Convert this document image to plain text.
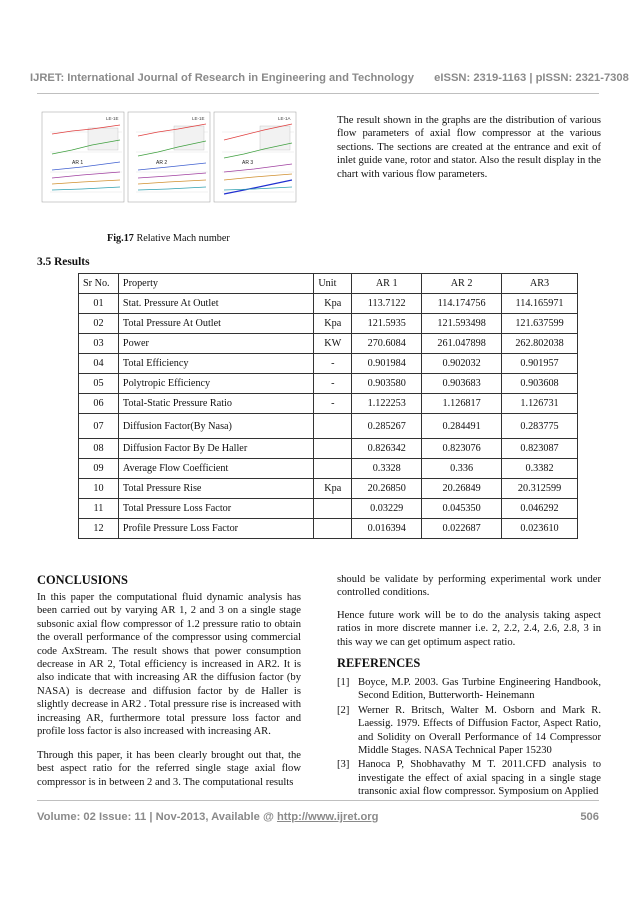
IJRET: International Journal of Research in Engineering and Technology eISSN: 2319-1163 | pISSN: 2321-7308
AR 1
LE-1E
AR 2
LE-1E
AR 3
LE-1A
Fig.17 Relative Mach number
The result shown in the graphs are the distribution of various flow parameters of axial flow compressor at the various sections. The sections are created at the entrance and exit of inlet guide vane, rotor and stator. Also the result display in the chart with various flow parameters.
3.5 Results
Sr No.	Property	Unit	AR 1	AR 2	AR3
01	Stat. Pressure At Outlet	Kpa	113.7122	114.174756	114.165971
02	Total Pressure At Outlet	Kpa	121.5935	121.593498	121.637599
03	Power	KW	270.6084	261.047898	262.802038
04	Total Efficiency	-	0.901984	0.902032	0.901957
05	Polytropic Efficiency	-	0.903580	0.903683	0.903608
06	Total-Static Pressure Ratio	-	1.122253	1.126817	1.126731
07	Diffusion Factor(By Nasa)		0.285267	0.284491	0.283775
08	Diffusion Factor By De Haller		0.826342	0.823076	0.823087
09	Average Flow Coefficient		0.3328	0.336	0.3382
10	Total Pressure Rise	Kpa	20.26850	20.26849	20.312599
11	Total Pressure Loss Factor		0.03229	0.045350	0.046292
12	Profile Pressure Loss Factor		0.016394	0.022687	0.023610
CONCLUSIONS
In this paper the computational fluid dynamic analysis has been carried out by varying AR 1, 2 and 3 on a single stage subsonic axial flow compressor of 1.2 pressure ratio to obtain the overall performance of the compressor using commercial code AxStream. The result shows that power consumption decrease in AR 2, Total efficiency is increased in AR2. It is also indicate that with increasing AR the diffusion factor (by NASA) is decrease and diffusion factor by de Haller is slightly decrease in AR2 . Total pressure rise is increased with increasing AR, furthermore total pressure loss factor and profile loss factor is also increased with increasing AR.
Through this paper, it has been clearly brought out that, the best aspect ratio for the referred single stage axial flow compressor is in between 2 and 3. The computational results
should be validate by performing experimental work under controlled conditions.
Hence future work will be to do the analysis taking aspect ratios in more discrete manner i.e. 2, 2.2, 2.4, 2.6, 2.8, 3 in this way we can get optimum aspect ratio.
REFERENCES
[1] Boyce, M.P. 2003. Gas Turbine Engineering Handbook, Second Edition, Butterworth- Heinemann
[2] Werner R. Britsch, Walter M. Osborn and Mark R. Laessig. 1979. Effects of Diffusion Factor, Aspect Ratio, and Solidity on Overall Performance of 14 Compressor Middle Stages. NASA Technical Paper 15230
[3] Hanoca P, Shobhavathy M T. 2011.CFD analysis to investigate the effect of axial spacing in a single stage transonic axial flow compressor. Symposium on Applied
Volume: 02 Issue: 11 | Nov-2013, Available @ http://www.ijret.org	506
